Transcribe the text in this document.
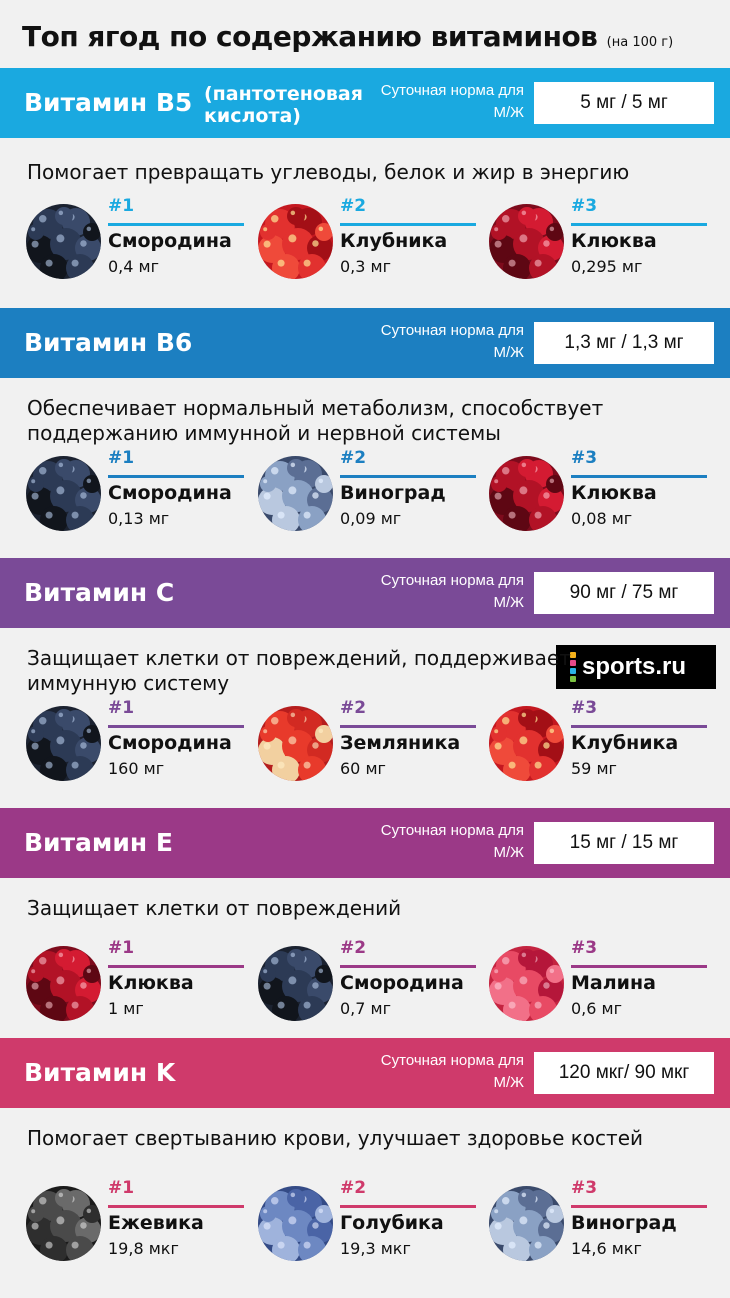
Топ ягод по содержанию витаминов (на 100 г)
sports.ru
Витамин B5 (пантотеновая кислота)
Суточная норма для М/Ж	5 мг / 5 мг
Помогает превращать углеводы, белок и жир в энергию
#1
Смородина
0,4 мг
#2
Клубника
0,3 мг
#3
Клюква
0,295 мг
Витамин B6	Суточная норма для М/Ж	1,3 мг / 1,3 мг
Обеспечивает нормальный метаболизм, способствует поддержанию иммунной и нервной системы
#1
Смородина
0,13 мг
#2
Виноград
0,09 мг
#3
Клюква
0,08 мг
Витамин C	Суточная норма для М/Ж	90 мг / 75 мг
Защищает клетки от повреждений, поддерживает иммунную систему
#1
Смородина
160 мг
#2
Земляника
60 мг
#3
Клубника
59 мг
Витамин E	Суточная норма для М/Ж	15 мг / 15 мг
Защищает клетки от повреждений
#1
Клюква
1 мг
#2
Смородина
0,7 мг
#3
Малина
0,6 мг
Витамин K	Суточная норма для М/Ж	120 мкг/ 90 мкг
Помогает свертыванию крови, улучшает здоровье костей
#1
Ежевика
19,8 мкг
#2
Голубика
19,3 мкг
#3
Виноград
14,6 мкг
